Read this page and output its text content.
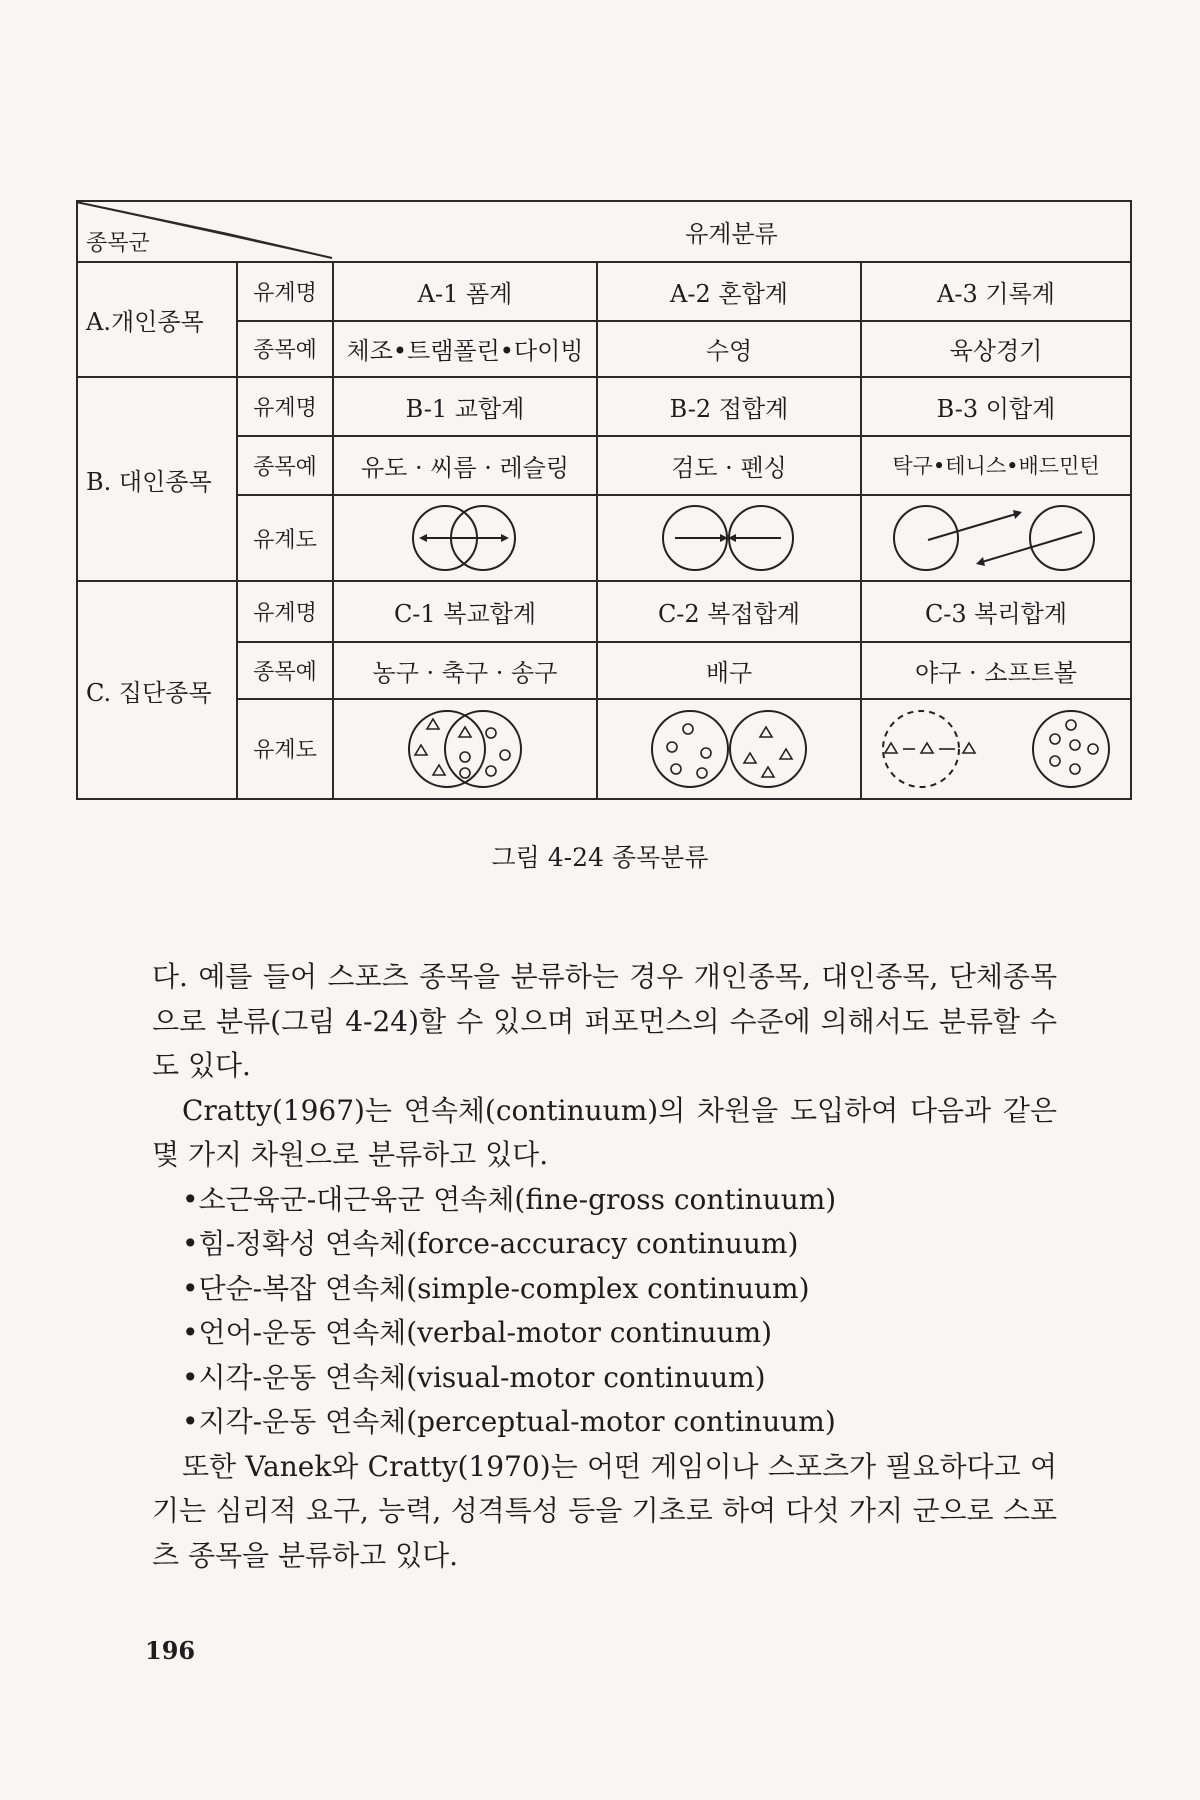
종목군		유계분류		
A.개인종목	유계명	A-1 폼계	A-2 혼합계	A-3 기록계
	종목예	체조•트램폴린•다이빙	수영	육상경기
B. 대인종목	유계명	B-1 교합계	B-2 접합계	B-3 이합계
	종목예	유도 · 씨름 · 레슬링	검도 · 펜싱	탁구•테니스•배드민턴
	유계도	

C. 집단종목	유계명	C-1 복교합계	C-2 복접합계	C-3 복리합계
	종목예	농구 · 축구 · 송구	배구	야구 · 소프트볼
	유계도	

그림 4-24 종목분류

다. 예를 들어 스포츠 종목을 분류하는 경우 개인종목, 대인종목, 단체종목으로 분류(그림 4-24)할 수 있으며 퍼포먼스의 수준에 의해서도 분류할 수도 있다.

Cratty(1967)는 연속체(continuum)의 차원을 도입하여 다음과 같은 몇 가지 차원으로 분류하고 있다.

•소근육군-대근육군 연속체(fine-gross continuum)
•힘-정확성 연속체(force-accuracy continuum)
•단순-복잡 연속체(simple-complex continuum)
•언어-운동 연속체(verbal-motor continuum)
•시각-운동 연속체(visual-motor continuum)
•지각-운동 연속체(perceptual-motor continuum)

또한 Vanek와 Cratty(1970)는 어떤 게임이나 스포츠가 필요하다고 여기는 심리적 요구, 능력, 성격특성 등을 기초로 하여 다섯 가지 군으로 스포츠 종목을 분류하고 있다.

196
